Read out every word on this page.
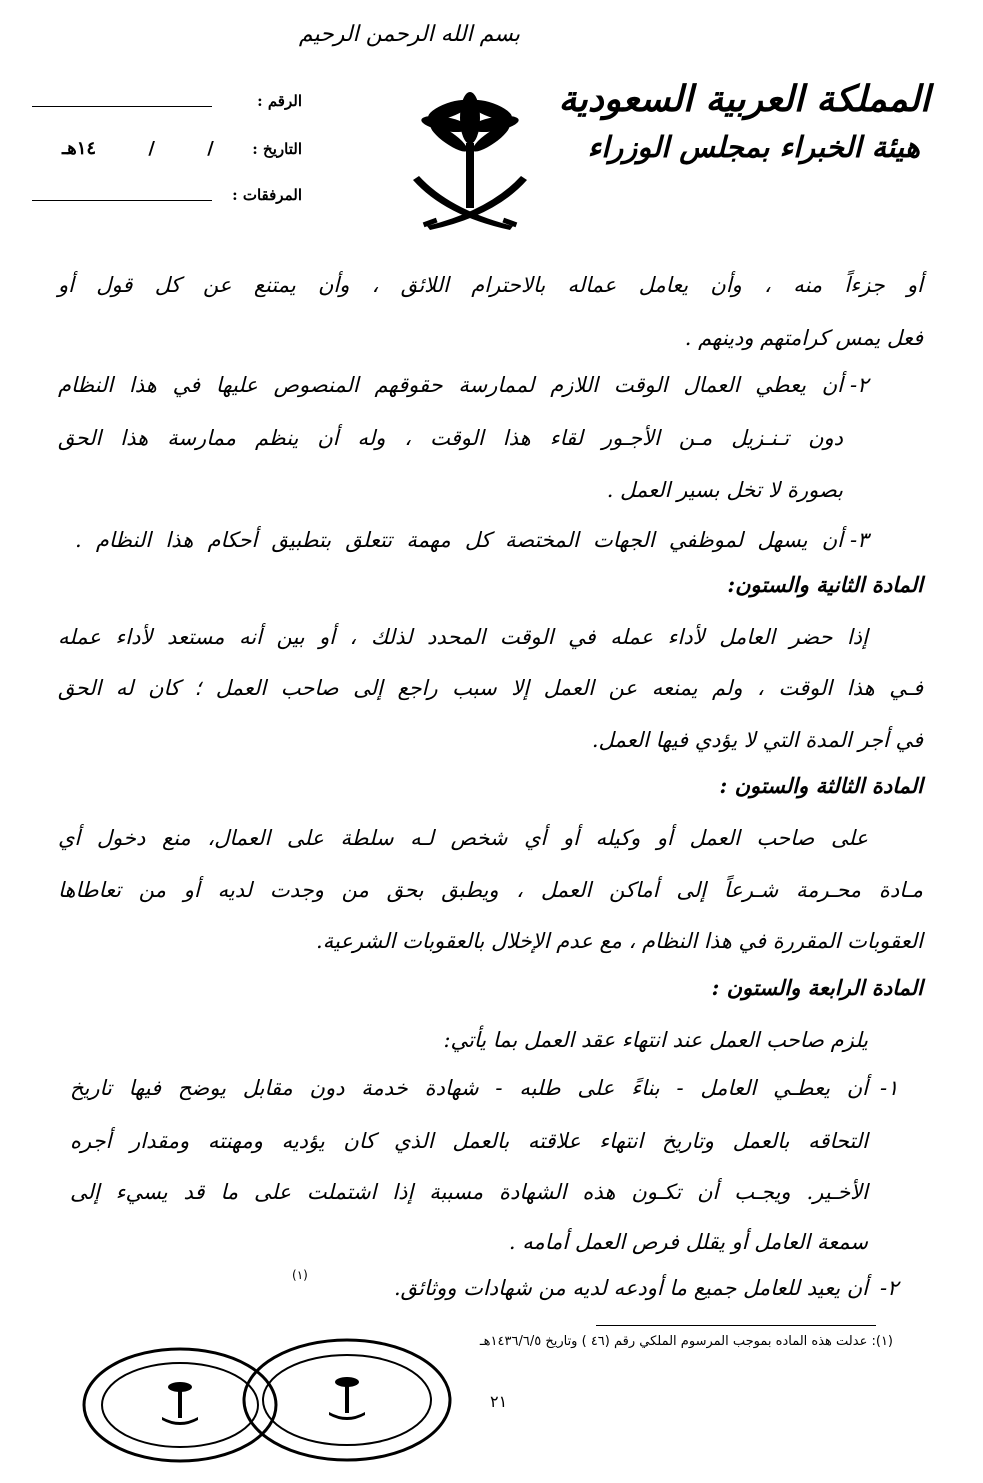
بسم الله الرحمن الرحيم
المملكة العربية السعودية
هيئة الخبراء بمجلس الوزراء
الرقم :
التاريخ :
/ / ١٤هـ
المرفقات :
أو جزءاً منه ، وأن يعامل عماله بالاحترام اللائق ، وأن يمتنع عن كل قول أو
فعل يمس كرامتهم ودينهم .
٢-
أن يعطي العمال الوقت اللازم لممارسة حقوقهم المنصوص عليها في هذا النظام
دون تـنـزيل مـن الأجـور لقاء هذا الوقت ، وله أن ينظم ممارسة هذا الحق
بصورة لا تخل بسير العمل .
٣-
أن يسهل لموظفي الجهات المختصة كل مهمة تتعلق بتطبيق أحكام هذا النظام .
المادة الثانية والستون:
إذا حضر العامل لأداء عمله في الوقت المحدد لذلك ، أو بين أنه مستعد لأداء عمله
فـي هذا الوقت ، ولم يمنعه عن العمل إلا سبب راجع إلى صاحب العمل ؛ كان له الحق
في أجر المدة التي لا يؤدي فيها العمل.
المادة الثالثة والستون :
على صاحب العمل أو وكيله أو أي شخص لـه سلطة على العمال، منع دخول أي
مـادة محـرمة شـرعاً إلى أماكن العمل ، ويطبق بحق من وجدت لديه أو من تعاطاها
العقوبات المقررة في هذا النظام ، مع عدم الإخلال بالعقوبات الشرعية.
المادة الرابعة والستون :
يلزم صاحب العمل عند انتهاء عقد العمل بما يأتي:
١-
أن يعطـي العامل - بناءً على طلبه - شهادة خدمة دون مقابل يوضح فيها تاريخ
التحاقه بالعمل وتاريخ انتهاء علاقته بالعمل الذي كان يؤديه ومهنته ومقدار أجره
الأخـير. ويجـب أن تكـون هذه الشهادة مسببة إذا اشتملت على ما قد يسيء إلى
سمعة العامل أو يقلل فرص العمل أمامه .
٢-
أن يعيد للعامل جميع ما أودعه لديه من شهادات ووثائق.
(١)
(١): عدلت هذه الماده بموجب المرسوم الملكي رقم (٤٦ ) وتاريخ ١٤٣٦/٦/٥هـ
٢١
